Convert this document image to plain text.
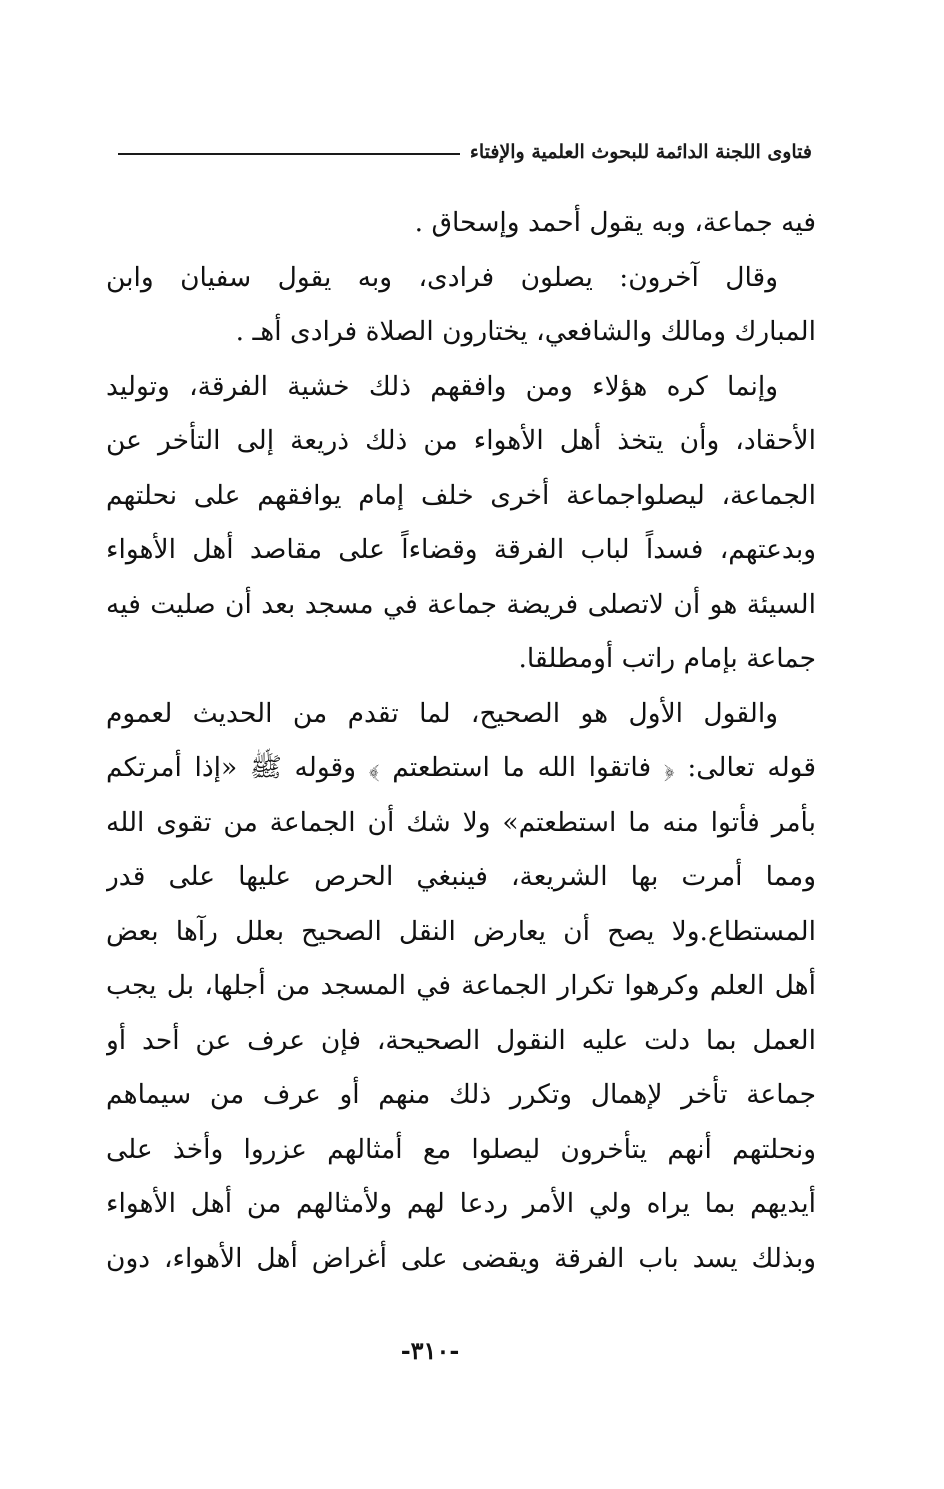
فتاوى اللجنة الدائمة للبحوث العلمية والإفتاء
فيه جماعة، وبه يقول أحمد وإسحاق .
وقال آخرون: يصلون فرادى، وبه يقول سفيان وابن
المبارك ومالك والشافعي، يختارون الصلاة فرادى أهـ .
وإنما كره هؤلاء ومن وافقهم ذلك خشية الفرقة، وتوليد
الأحقاد، وأن يتخذ أهل الأهواء من ذلك ذريعة إلى التأخر عن
الجماعة، ليصلواجماعة أخرى خلف إمام يوافقهم على نحلتهم
وبدعتهم، فسداً لباب الفرقة وقضاءاً على مقاصد أهل الأهواء
السيئة هو أن لاتصلى فريضة جماعة في مسجد بعد أن صليت فيه
جماعة بإمام راتب أومطلقا.
والقول الأول هو الصحيح، لما تقدم من الحديث لعموم
قوله تعالى: ﴿ فاتقوا الله ما استطعتم ﴾ وقوله ﷺ «إذا أمرتكم
بأمر فأتوا منه ما استطعتم» ولا شك أن الجماعة من تقوى الله
ومما أمرت بها الشريعة، فينبغي الحرص عليها على قدر
المستطاع.ولا يصح أن يعارض النقل الصحيح بعلل رآها بعض
أهل العلم وكرهوا تكرار الجماعة في المسجد من أجلها، بل يجب
العمل بما دلت عليه النقول الصحيحة، فإن عرف عن أحد أو
جماعة تأخر لإهمال وتكرر ذلك منهم أو عرف من سيماهم
ونحلتهم أنهم يتأخرون ليصلوا مع أمثالهم عزروا وأخذ على
أيديهم بما يراه ولي الأمر ردعا لهم ولأمثالهم من أهل الأهواء
وبذلك يسد باب الفرقة ويقضى على أغراض أهل الأهواء، دون
-٣١٠-
